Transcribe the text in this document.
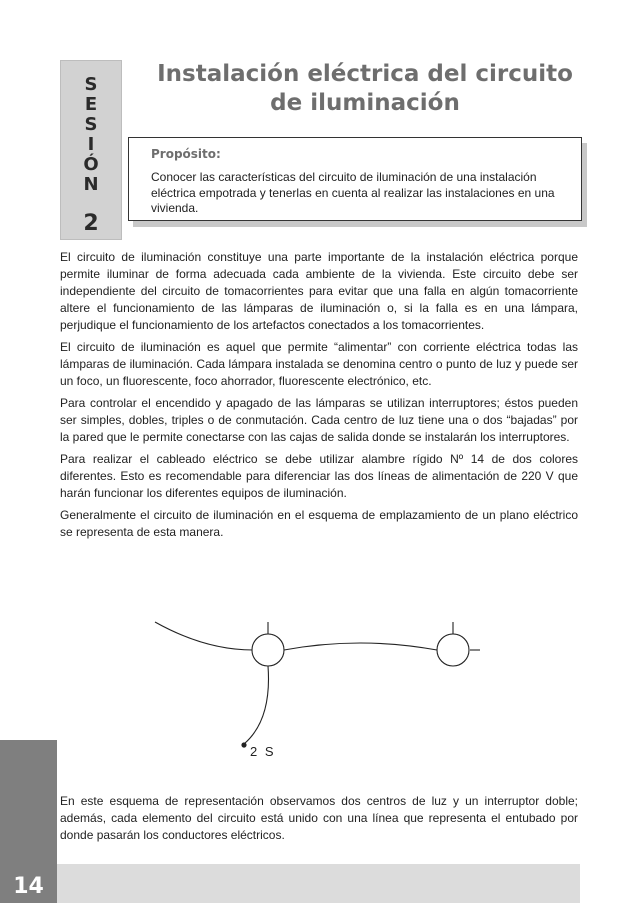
S
E
S
I
Ó
N
2
Instalación eléctrica del circuito
de iluminación
Propósito:
Conocer las características del circuito de iluminación de una instalación eléctrica empotrada y tenerlas en cuenta al realizar las instalaciones en una vivienda.

El circuito de iluminación constituye una parte importante de la instalación eléctrica porque permite iluminar de forma adecuada cada ambiente de la vivienda. Este circuito debe ser independiente del circuito de tomacorrientes para evitar que una falla en algún tomacorriente altere el funcionamiento de las lámparas de iluminación o, si la falla es en una lámpara, perjudique el funcionamiento de los artefactos conectados a los tomacorrientes.

El circuito de iluminación es aquel que permite “alimentar” con corriente eléctrica todas las lámparas de iluminación. Cada lámpara instalada se denomina centro o punto de luz y puede ser un foco, un fluorescente, foco ahorrador, fluorescente electrónico, etc.

Para controlar el encendido y apagado de las lámparas se utilizan interruptores; éstos pueden ser simples, dobles, triples o de conmutación. Cada centro de luz tiene una o dos “bajadas” por la pared que le permite conectarse con las cajas de salida donde se instalarán los interruptores.

Para realizar el cableado eléctrico se debe utilizar alambre rígido Nº 14 de dos colores diferentes. Esto es recomendable para diferenciar las dos líneas de alimentación de 220 V que harán funcionar los diferentes equipos de iluminación.

Generalmente el circuito de iluminación en el esquema de emplazamiento de un plano eléctrico se representa de esta manera.

2 S
En este esquema de representación observamos dos centros de luz y un interruptor doble; además, cada elemento del circuito está unido con una línea que representa el entubado por donde pasarán los conductores eléctricos.
14
